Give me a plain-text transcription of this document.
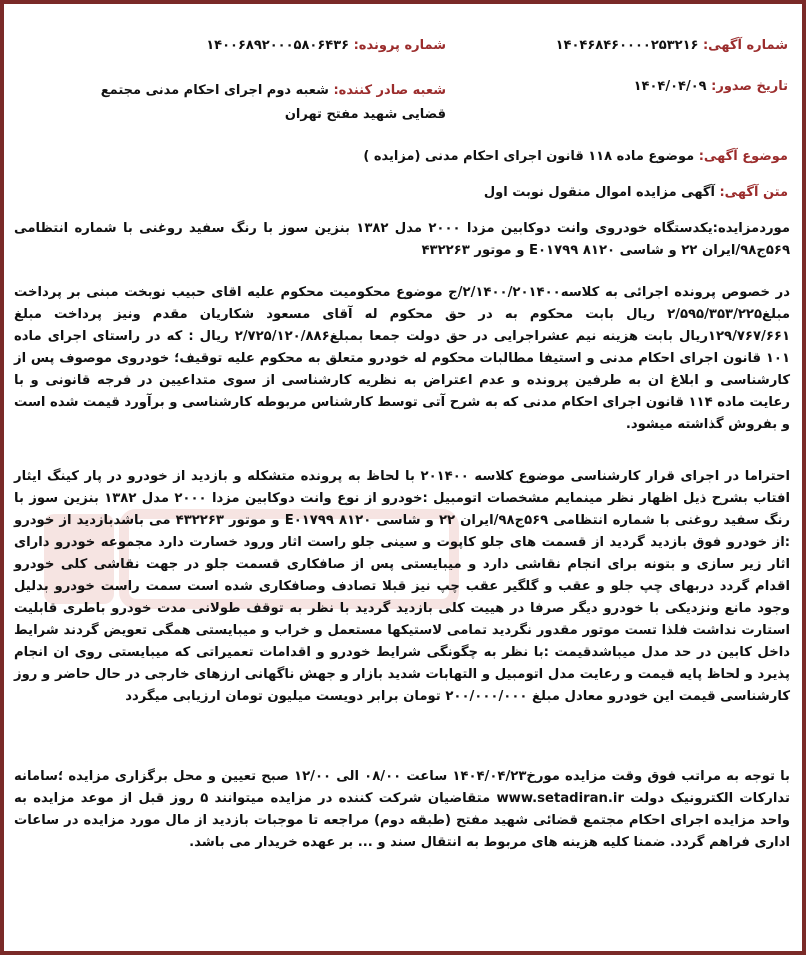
شماره آگهی: ۱۴۰۴۶۸۴۶۰۰۰۰۲۵۳۲۱۶
شماره پرونده: ۱۴۰۰۶۸۹۲۰۰۰۵۸۰۶۴۳۶
تاریخ صدور: ۱۴۰۴/۰۴/۰۹
شعبه صادر کننده: شعبه دوم اجرای احکام مدنی مجتمع قضایی شهید مفتح تهران
موضوع آگهی: موضوع ماده ۱۱۸ قانون اجرای احکام مدنی (مزایده )
متن آگهی: آگهی مزایده اموال منقول نوبت اول
موردمزایده:یکدستگاه خودروی وانت دوکابین مزدا ۲۰۰۰ مدل ۱۳۸۲ بنزین سوز با رنگ سفید روغنی با شماره انتظامی ۵۶۹ج۹۸/ایران ۲۲ و شاسی ۸۱۲۰ E۰۱۷۹۹ و موتور ۴۳۲۲۶۳
در خصوص پرونده اجرائی به کلاسه۲/۱۴۰۰/۲۰۱۴۰۰/ج موضوع محکومیت محکوم علیه اقای حبیب نوبخت مبنی بر پرداخت مبلغ۲/۵۹۵/۳۵۳/۲۲۵ ریال بابت محکوم به در حق محکوم له آقای مسعود شکاریان مقدم ونیز پرداخت مبلغ ۱۲۹/۷۶۷/۶۶۱ریال بابت هزینه نیم عشراجرایی در حق دولت جمعا بمبلغ۲/۷۲۵/۱۲۰/۸۸۶ ریال : که در راستای اجرای ماده ۱۰۱ قانون اجرای احکام مدنی و استیفا مطالبات محکوم له خودرو متعلق به محکوم علیه توقیف؛ خودروی موصوف پس از کارشناسی و ابلاغ ان به طرفین پرونده و عدم اعتراض به نظریه کارشناسی از سوی متداعیین در فرجه قانونی و با رعایت ماده ۱۱۴ قانون اجرای احکام مدنی که به شرح آتی توسط کارشناس مربوطه کارشناسی و برآورد قیمت شده است و بفروش گذاشته میشود.
احتراما در اجرای قرار کارشناسی موضوع کلاسه ۲۰۱۴۰۰ با لحاظ به پرونده متشکله و بازدید از خودرو در پار کینگ ایثار افتاب بشرح ذیل اظهار نظر مینمایم مشخصات اتومبیل :خودرو از نوع وانت دوکابین مزدا ۲۰۰۰ مدل ۱۳۸۲ بنزین سوز با رنگ سفید روغنی با شماره انتظامی ۵۶۹ج۹۸/ایران ۲۲ و شاسی ۸۱۲۰ E۰۱۷۹۹ و موتور ۴۳۲۲۶۳ می باشدبازدید از خودرو :از خودرو فوق بازدید گردید از قسمت های جلو کاپوت و سینی جلو راست اثار ورود خسارت دارد مجموعه خودرو دارای اثار زیر سازی و بتونه برای انجام نقاشی دارد و میبایستی پس از صافکاری قسمت جلو در جهت نقاشی کلی خودرو اقدام گردد دربهای چپ جلو و عقب و گلگیر عقب چپ نیز قبلا تصادف وصافکاری شده است سمت راست خودرو بدلیل وجود مانع ونزدیکی با خودرو دیگر صرفا در هییت کلی بازدید گردید با نظر به توقف طولانی مدت خودرو باطری قابلیت استارت نداشت فلذا تست موتور مقدور نگردید تمامی لاستیکها مستعمل و خراب و میبایستی همگی تعویض گردند شرایط داخل کابین در حد مدل میباشدقیمت :با نظر به چگونگی شرایط خودرو و اقدامات تعمیراتی که میبایستی روی ان انجام پذیرد و لحاظ پایه قیمت و رعایت مدل اتومبیل و التهابات شدید بازار و جهش ناگهانی ارزهای خارجی در حال حاضر و روز کارشناسی قیمت این خودرو معادل مبلغ ۲۰۰/۰۰۰/۰۰۰ تومان برابر دویست میلیون تومان ارزیابی میگردد
با توجه به مراتب فوق وقت مزایده مورخ۱۴۰۴/۰۴/۲۳ ساعت ۰۸/۰۰ الی ۱۲/۰۰ صبح تعیین و محل برگزاری مزایده ؛سامانه تدارکات الکترونیک دولت www.setadiran.ir متقاضیان شرکت کننده در مزایده میتوانند ۵ روز قبل از موعد مزایده به واحد مزایده اجرای احکام مجتمع قضائی شهید مفتح (طبقه دوم) مراجعه تا موجبات بازدید از مال مورد مزایده در ساعات اداری فراهم گردد. ضمنا کلیه هزینه های مربوط به انتقال سند و ... بر عهده خریدار می باشد.
